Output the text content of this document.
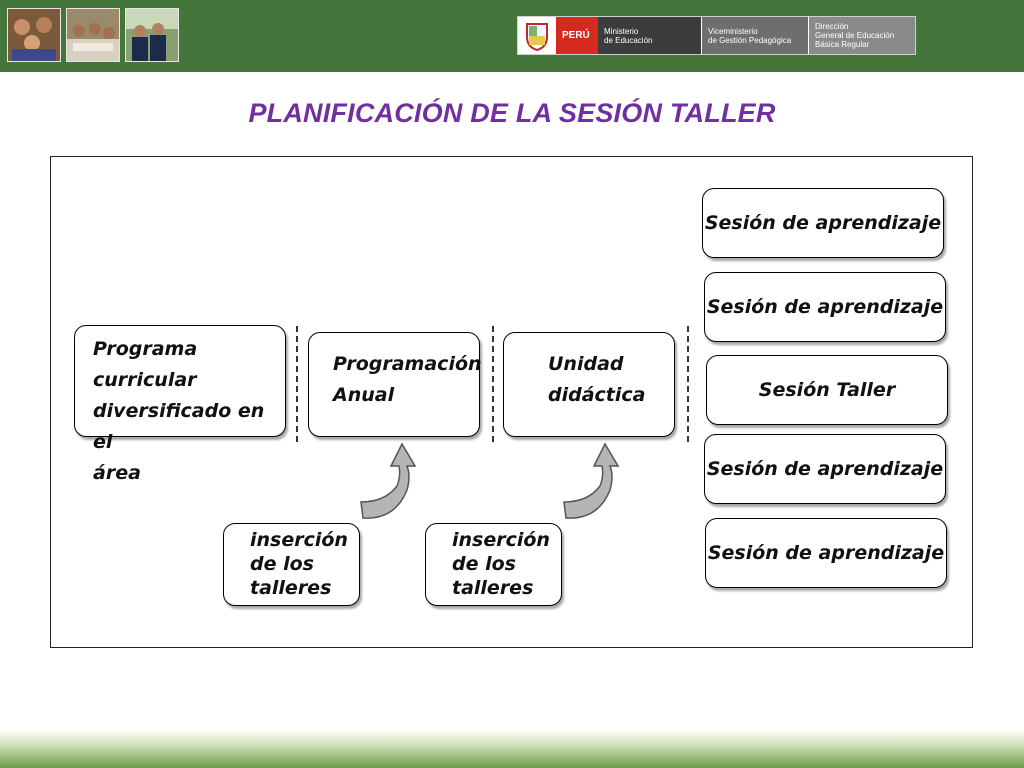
PERÚ Ministerio
de Educación
Viceministerio
de Gestión Pedagógica
Dirección
General de Educación
Básica Regular
PLANIFICACIÓN DE LA SESIÓN TALLER
Programa curricular
diversificado en el
área
Programación
Anual
Unidad
didáctica
inserción
de los
talleres
inserción
de los
talleres
Sesión de aprendizaje
Sesión de aprendizaje
Sesión Taller
Sesión de aprendizaje
Sesión de aprendizaje
